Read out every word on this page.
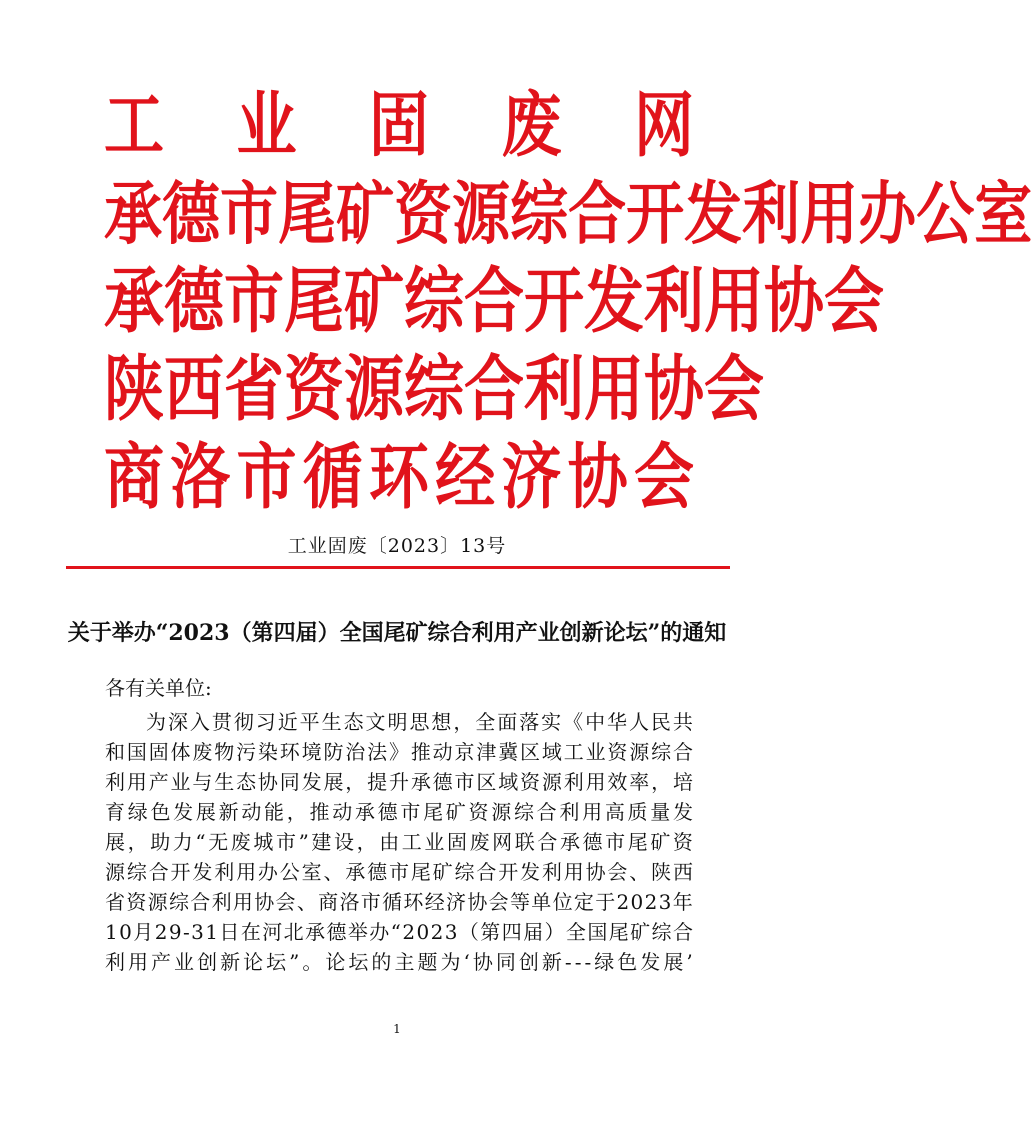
工 业 固 废 网
承 德 市 尾 矿 资 源 综 合 开 发 利 用 办 公 室
承 德 市 尾 矿 综 合 开 发 利 用 协 会
陕 西 省 资 源 综 合 利 用 协 会
商 洛 市 循 环 经 济 协 会
工业固废〔2023〕13号
关于举办“2023（第四届）全国尾矿综合利用产业创新论坛”的通知
各有关单位:
为 深 入 贯 彻 习 近 平 生 态 文 明 思 想 ， 全 面 落 实 《 中 华 人 民 共
和 国 固 体 废 物 污 染 环 境 防 治 法 》 推 动 京 津 冀 区 域 工 业 资 源 综 合
利 用 产 业 与 生 态 协 同 发 展 ， 提 升 承 德 市 区 域 资 源 利 用 效 率 ， 培
育 绿 色 发 展 新 动 能 ， 推 动 承 德 市 尾 矿 资 源 综 合 利 用 高 质 量 发
展 ， 助 力 “ 无 废 城 市 ” 建 设 ， 由 工 业 固 废 网 联 合 承 德 市 尾 矿 资
源 综 合 开 发 利 用 办 公 室 、 承 德 市 尾 矿 综 合 开 发 利 用 协 会 、 陕 西
省 资 源 综 合 利 用 协 会 、 商 洛 市 循 环 经 济 协 会 等 单 位 定 于 2 0 2 3 年
1 0 月 2 9 - 3 1 日 在 河 北 承 德 举 办 “ 2 0 2 3 （ 第 四 届 ） 全 国 尾 矿 综 合
利 用 产 业 创 新 论 坛 ” 。 论 坛 的 主 题 为 ‘ 协 同 创 新 - - - 绿 色 发 展 ’
1
